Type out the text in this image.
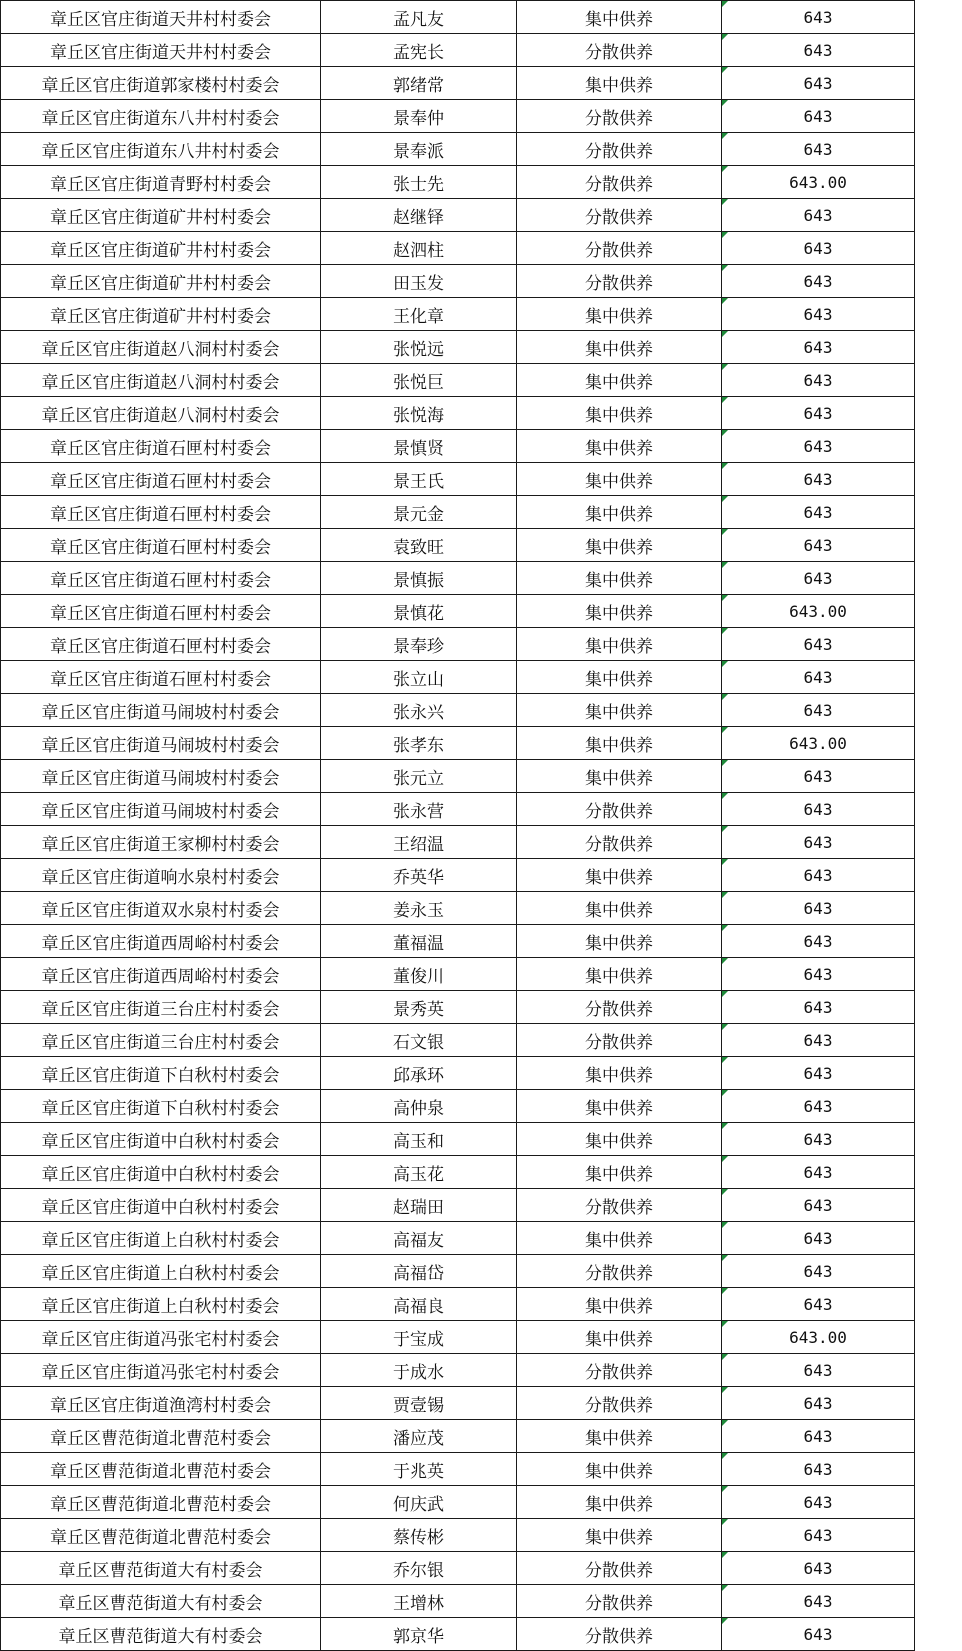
章丘区官庄街道天井村村委会	孟凡友	集中供养	643
章丘区官庄街道天井村村委会	孟宪长	分散供养	643
章丘区官庄街道郭家楼村村委会	郭绪常	集中供养	643
章丘区官庄街道东八井村村委会	景奉仲	分散供养	643
章丘区官庄街道东八井村村委会	景奉派	分散供养	643
章丘区官庄街道青野村村委会	张士先	分散供养	643.00
章丘区官庄街道矿井村村委会	赵继铎	分散供养	643
章丘区官庄街道矿井村村委会	赵泗柱	分散供养	643
章丘区官庄街道矿井村村委会	田玉发	分散供养	643
章丘区官庄街道矿井村村委会	王化章	集中供养	643
章丘区官庄街道赵八洞村村委会	张悦远	集中供养	643
章丘区官庄街道赵八洞村村委会	张悦巨	集中供养	643
章丘区官庄街道赵八洞村村委会	张悦海	集中供养	643
章丘区官庄街道石匣村村委会	景慎贤	集中供养	643
章丘区官庄街道石匣村村委会	景王氏	集中供养	643
章丘区官庄街道石匣村村委会	景元金	集中供养	643
章丘区官庄街道石匣村村委会	袁致旺	集中供养	643
章丘区官庄街道石匣村村委会	景慎振	集中供养	643
章丘区官庄街道石匣村村委会	景慎花	集中供养	643.00
章丘区官庄街道石匣村村委会	景奉珍	集中供养	643
章丘区官庄街道石匣村村委会	张立山	集中供养	643
章丘区官庄街道马闹坡村村委会	张永兴	集中供养	643
章丘区官庄街道马闹坡村村委会	张孝东	集中供养	643.00
章丘区官庄街道马闹坡村村委会	张元立	集中供养	643
章丘区官庄街道马闹坡村村委会	张永营	分散供养	643
章丘区官庄街道王家柳村村委会	王绍温	分散供养	643
章丘区官庄街道响水泉村村委会	乔英华	集中供养	643
章丘区官庄街道双水泉村村委会	姜永玉	集中供养	643
章丘区官庄街道西周峪村村委会	董福温	集中供养	643
章丘区官庄街道西周峪村村委会	董俊川	集中供养	643
章丘区官庄街道三台庄村村委会	景秀英	分散供养	643
章丘区官庄街道三台庄村村委会	石文银	分散供养	643
章丘区官庄街道下白秋村村委会	邱承环	集中供养	643
章丘区官庄街道下白秋村村委会	高仲泉	集中供养	643
章丘区官庄街道中白秋村村委会	高玉和	集中供养	643
章丘区官庄街道中白秋村村委会	高玉花	集中供养	643
章丘区官庄街道中白秋村村委会	赵瑞田	分散供养	643
章丘区官庄街道上白秋村村委会	高福友	集中供养	643
章丘区官庄街道上白秋村村委会	高福岱	分散供养	643
章丘区官庄街道上白秋村村委会	高福良	集中供养	643
章丘区官庄街道冯张宅村村委会	于宝成	集中供养	643.00
章丘区官庄街道冯张宅村村委会	于成水	分散供养	643
章丘区官庄街道渔湾村村委会	贾壹锡	分散供养	643
章丘区曹范街道北曹范村委会	潘应茂	集中供养	643
章丘区曹范街道北曹范村委会	于兆英	集中供养	643
章丘区曹范街道北曹范村委会	何庆武	集中供养	643
章丘区曹范街道北曹范村委会	蔡传彬	集中供养	643
章丘区曹范街道大有村委会	乔尔银	分散供养	643
章丘区曹范街道大有村委会	王增林	分散供养	643
章丘区曹范街道大有村委会	郭京华	分散供养	643
